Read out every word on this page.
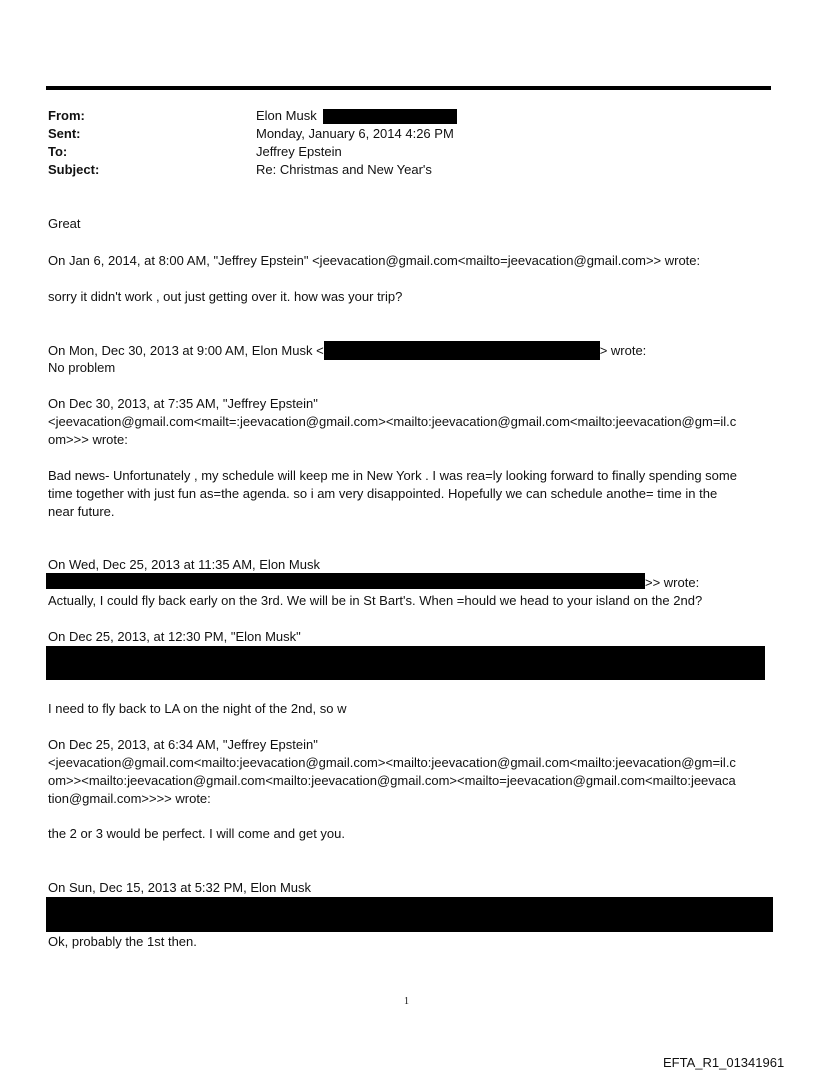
From:	Elon Musk
Sent:	Monday, January 6, 2014 4:26 PM
To:	Jeffrey Epstein
Subject:	Re: Christmas and New Year's
Great
On Jan 6, 2014, at 8:00 AM, "Jeffrey Epstein" <jeevacation@gmail.com<mailto=jeevacation@gmail.com>> wrote:
sorry it didn't work , out just getting over it. how was your trip?
On Mon, Dec 30, 2013 at 9:00 AM, Elon Musk <	> wrote:
No problem
On Dec 30, 2013, at 7:35 AM, "Jeffrey Epstein"
<jeevacation@gmail.com<mailt=:jeevacation@gmail.com><mailto:jeevacation@gmail.com<mailto:jeevacation@gm=il.c
om>>> wrote:
Bad news- Unfortunately , my schedule will keep me in New York . I was rea=ly looking forward to finally spending some
time together with just fun as=the agenda. so i am very disappointed. Hopefully we can schedule anothe= time in the
near future.
On Wed, Dec 25, 2013 at 11:35 AM, Elon Musk
>> wrote:
Actually, I could fly back early on the 3rd. We will be in St Bart's. When =hould we head to your island on the 2nd?
On Dec 25, 2013, at 12:30 PM, "Elon Musk"
I need to fly back to LA on the night of the 2nd, so w
On Dec 25, 2013, at 6:34 AM, "Jeffrey Epstein"
<jeevacation@gmail.com<mailto:jeevacation@gmail.com><mailto:jeevacation@gmail.com<mailto:jeevacation@gm=il.c
om>><mailto:jeevacation@gmail.com<mailto:jeevacation@gmail.com><mailto=jeevacation@gmail.com<mailto:jeevaca
tion@gmail.com>>>> wrote:
the 2 or 3 would be perfect. I will come and get you.
On Sun, Dec 15, 2013 at 5:32 PM, Elon Musk
Ok, probably the 1st then.
1
EFTA_R1_01341961
